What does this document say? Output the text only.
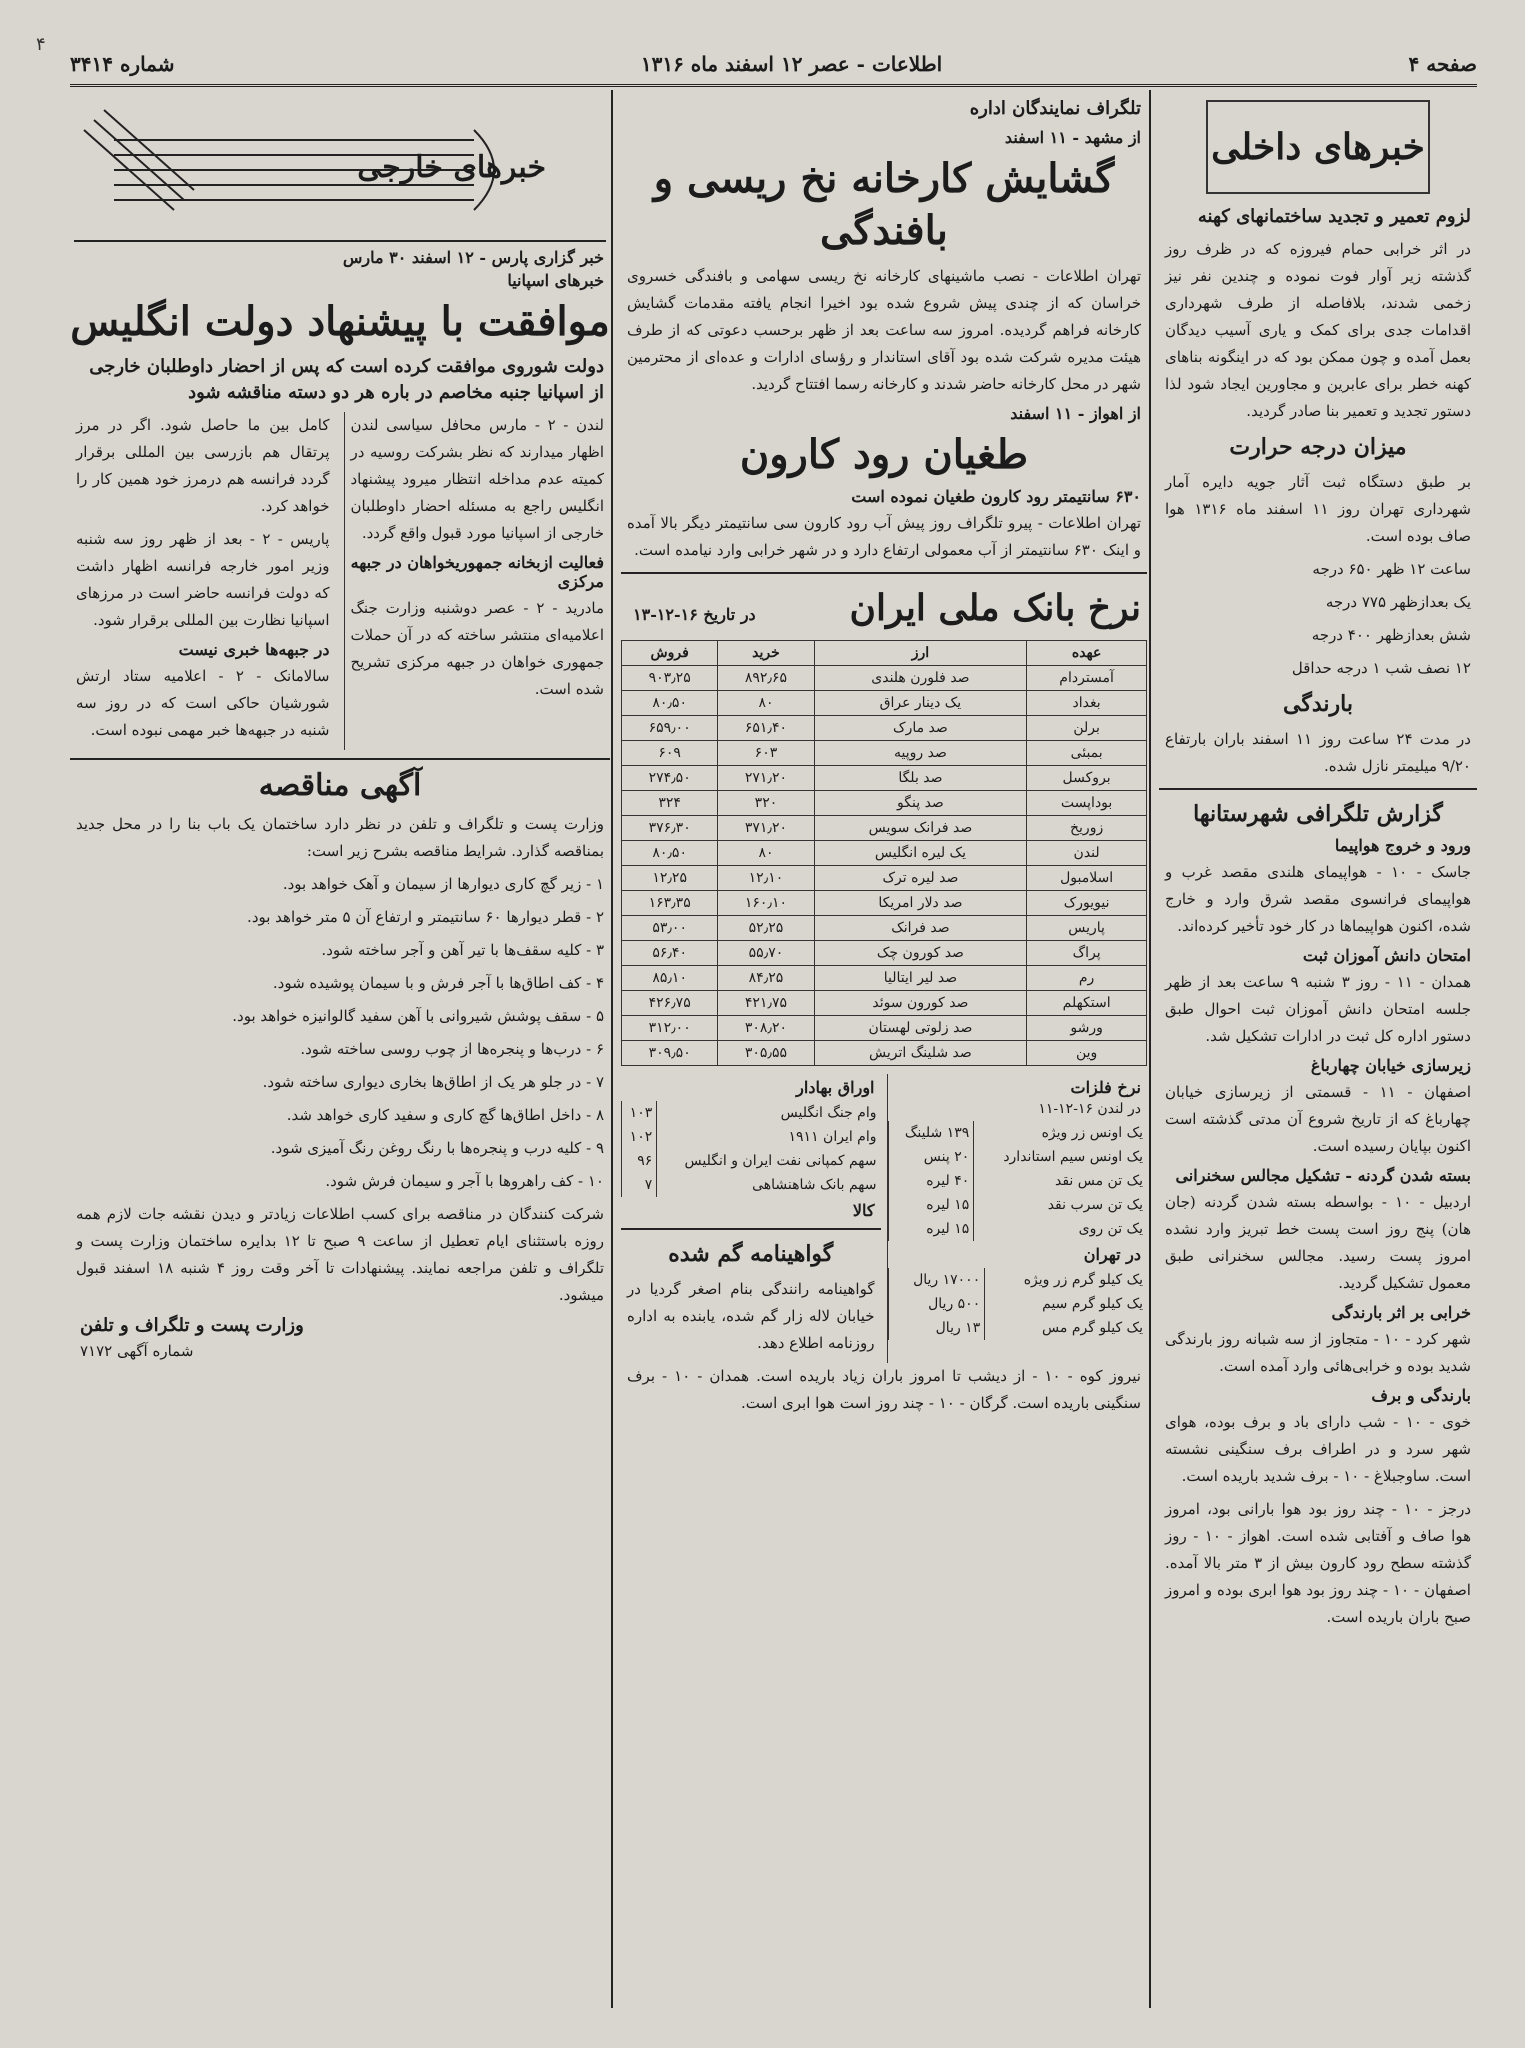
۴
صفحه ۴
اطلاعات - عصر ۱۲ اسفند ماه ۱۳۱۶
شماره ۳۴۱۴
خبرهای داخلی
لزوم تعمیر و تجدید ساختمانهای کهنه

در اثر خرابی حمام فیروزه که در ظرف روز گذشته زیر آوار فوت نموده و چندین نفر نیز زخمی شدند، بلافاصله از طرف شهرداری اقدامات جدی برای کمک و یاری آسیب دیدگان بعمل آمده و چون ممکن بود که در اینگونه بناهای کهنه خطر برای عابرین و مجاورین ایجاد شود لذا دستور تجدید و تعمیر بنا صادر گردید.

میزان درجه حرارت

بر طبق دستگاه ثبت آثار جویه دایره آمار شهرداری تهران روز ۱۱ اسفند ماه ۱۳۱۶ هوا صاف بوده است.

ساعت ۱۲ ظهر ۶۵۰ درجه
یک بعدازظهر ۷۷۵ درجه
شش بعدازظهر ۴۰۰ درجه
۱۲ نصف شب ۱ درجه حداقل
بارندگی

در مدت ۲۴ ساعت روز ۱۱ اسفند باران بارتفاع ۹/۲۰ میلیمتر نازل شده.

گزارش تلگرافی شهرستانها
ورود و خروج هواپیما

جاسک - ۱۰ - هواپیمای هلندی مقصد غرب و هواپیمای فرانسوی مقصد شرق وارد و خارج شده، اکنون هواپیماها در کار خود تأخیر کرده‌اند.

امتحان دانش آموزان ثبت

همدان - ۱۱ - روز ۳ شنبه ۹ ساعت بعد از ظهر جلسه امتحان دانش آموزان ثبت احوال طبق دستور اداره کل ثبت در ادارات تشکیل شد.

زیرسازی خیابان چهارباغ

اصفهان - ۱۱ - قسمتی از زیرسازی خیابان چهارباغ که از تاریخ شروع آن مدتی گذشته است اکنون بپایان رسیده است.

بسته شدن گردنه - تشکیل مجالس سخنرانی

اردبیل - ۱۰ - بواسطه بسته شدن گردنه (جان هان) پنج روز است پست خط تبریز وارد نشده امروز پست رسید. مجالس سخنرانی طبق معمول تشکیل گردید.

خرابی بر اثر بارندگی

شهر کرد - ۱۰ - متجاوز از سه شبانه روز بارندگی شدید بوده و خرابی‌هائی وارد آمده است.

بارندگی و برف

خوی - ۱۰ - شب دارای باد و برف بوده، هوای شهر سرد و در اطراف برف سنگینی نشسته است. ساوجبلاغ - ۱۰ - برف شدید باریده است.

درجز - ۱۰ - چند روز بود هوا بارانی بود، امروز هوا صاف و آفتابی شده است. اهواز - ۱۰ - روز گذشته سطح رود کارون بیش از ۳ متر بالا آمده. اصفهان - ۱۰ - چند روز بود هوا ابری بوده و امروز صبح باران باریده است.

تلگراف نمایندگان اداره
از مشهد - ۱۱ اسفند
گشایش کارخانه نخ ریسی و بافندگی

تهران اطلاعات - نصب ماشینهای کارخانه نخ ریسی سهامی و بافندگی خسروی خراسان که از چندی پیش شروع شده بود اخیرا انجام یافته مقدمات گشایش کارخانه فراهم گردیده. امروز سه ساعت بعد از ظهر برحسب دعوتی که از طرف هیئت مدیره شرکت شده بود آقای استاندار و رؤسای ادارات و عده‌ای از محترمین شهر در محل کارخانه حاضر شدند و کارخانه رسما افتتاح گردید.

از اهواز - ۱۱ اسفند
طغیان رود کارون
۶۳۰ سانتیمتر رود کارون طغیان نموده است

تهران اطلاعات - پیرو تلگراف روز پیش آب رود کارون سی سانتیمتر دیگر بالا آمده و اینک ۶۳۰ سانتیمتر از آب معمولی ارتفاع دارد و در شهر خرابی وارد نیامده است.

نرخ بانک ملی ایران
در تاریخ ۱۶-۱۲-۱۳
عهده	ارز	خرید	فروش
آمستردام	صد فلورن هلندی	۸۹۲٫۶۵	۹۰۳٫۲۵
بغداد	یک دینار عراق	۸۰	۸۰٫۵۰
برلن	صد مارک	۶۵۱٫۴۰	۶۵۹٫۰۰
بمبئی	صد روپیه	۶۰۳	۶۰۹
بروکسل	صد بلگا	۲۷۱٫۲۰	۲۷۴٫۵۰
بوداپست	صد پنگو	۳۲۰	۳۲۴
زوریخ	صد فرانک سویس	۳۷۱٫۲۰	۳۷۶٫۳۰
لندن	یک لیره انگلیس	۸۰	۸۰٫۵۰
اسلامبول	صد لیره ترک	۱۲٫۱۰	۱۲٫۲۵
نیویورک	صد دلار امریکا	۱۶۰٫۱۰	۱۶۳٫۳۵
پاریس	صد فرانک	۵۲٫۲۵	۵۳٫۰۰
پراگ	صد کورون چک	۵۵٫۷۰	۵۶٫۴۰
رم	صد لیر ایتالیا	۸۴٫۲۵	۸۵٫۱۰
استکهلم	صد کورون سوئد	۴۲۱٫۷۵	۴۲۶٫۷۵
ورشو	صد زلوتی لهستان	۳۰۸٫۲۰	۳۱۲٫۰۰
وین	صد شلینگ اتریش	۳۰۵٫۵۵	۳۰۹٫۵۰
نرخ فلزات
در لندن ۱۶-۱۲-۱۱
یک اونس زر ویژه	۱۳۹ شلینگ
یک اونس سیم استاندارد	۲۰ پنس
یک تن مس نقد	۴۰ لیره
یک تن سرب نقد	۱۵ لیره
یک تن روی	۱۵ لیره
در تهران
یک کیلو گرم زر ویژه	۱۷۰۰۰ ریال
یک کیلو گرم سیم	۵۰۰ ریال
یک کیلو گرم مس	۱۳ ریال
اوراق بهادار
وام جنگ انگلیس	۱۰۳
وام ایران ۱۹۱۱	۱۰۲
سهم کمپانی نفت ایران و انگلیس	۹۶
سهم بانک شاهنشاهی	۷
کالا
گواهینامه گم شده

گواهینامه رانندگی بنام اصغر گردیا در خیابان لاله زار گم شده، یابنده به اداره روزنامه اطلاع دهد.

نیروز کوه - ۱۰ - از دیشب تا امروز باران زیاد باریده است. همدان - ۱۰ - برف سنگینی باریده است. گرگان - ۱۰ - چند روز است هوا ابری است.

خبرهای خارجی
خبر گزاری پارس - ۱۲ اسفند ۳۰ مارس
خبرهای اسپانیا
موافقت با پیشنهاد دولت انگلیس
دولت شوروی موافقت کرده است که پس از احضار داوطلبان خارجی از اسپانیا جنبه مخاصم در باره هر دو دسته مناقشه شود

لندن - ۲ - مارس محافل سیاسی لندن اظهار میدارند که نظر بشرکت روسیه در کمیته عدم مداخله انتظار میرود پیشنهاد انگلیس راجع به مسئله احضار داوطلبان خارجی از اسپانیا مورد قبول واقع گردد.

فعالیت ازبخانه جمهوریخواهان در جبهه مرکزی

مادرید - ۲ - عصر دوشنبه وزارت جنگ اعلامیه‌ای منتشر ساخته که در آن حملات جمهوری خواهان در جبهه مرکزی تشریح شده است.

کامل بین ما حاصل شود. اگر در مرز پرتقال هم بازرسی بین المللی برقرار گردد فرانسه هم درمرز خود همین کار را خواهد کرد.

پاریس - ۲ - بعد از ظهر روز سه شنبه وزیر امور خارجه فرانسه اظهار داشت که دولت فرانسه حاضر است در مرزهای اسپانیا نظارت بین المللی برقرار شود.

در جبهه‌ها خبری نیست

سالامانک - ۲ - اعلامیه ستاد ارتش شورشیان حاکی است که در روز سه شنبه در جبهه‌ها خبر مهمی نبوده است.

آگهی مناقصه

وزارت پست و تلگراف و تلفن در نظر دارد ساختمان یک باب بنا را در محل جدید بمناقصه گذارد. شرایط مناقصه بشرح زیر است:

۱ - زیر گچ کاری دیوارها از سیمان و آهک خواهد بود.

۲ - قطر دیوارها ۶۰ سانتیمتر و ارتفاع آن ۵ متر خواهد بود.

۳ - کلیه سقف‌ها با تیر آهن و آجر ساخته شود.

۴ - کف اطاق‌ها با آجر فرش و با سیمان پوشیده شود.

۵ - سقف پوشش شیروانی با آهن سفید گالوانیزه خواهد بود.

۶ - درب‌ها و پنجره‌ها از چوب روسی ساخته شود.

۷ - در جلو هر یک از اطاق‌ها بخاری دیواری ساخته شود.

۸ - داخل اطاق‌ها گچ کاری و سفید کاری خواهد شد.

۹ - کلیه درب و پنجره‌ها با رنگ روغن رنگ آمیزی شود.

۱۰ - کف راهروها با آجر و سیمان فرش شود.

شرکت کنندگان در مناقصه برای کسب اطلاعات زیادتر و دیدن نقشه جات لازم همه روزه باستثنای ایام تعطیل از ساعت ۹ صبح تا ۱۲ بدایره ساختمان وزارت پست و تلگراف و تلفن مراجعه نمایند. پیشنهادات تا آخر وقت روز ۴ شنبه ۱۸ اسفند قبول میشود.

وزارت پست و تلگراف و تلفن
شماره آگهی ۷۱۷۲
